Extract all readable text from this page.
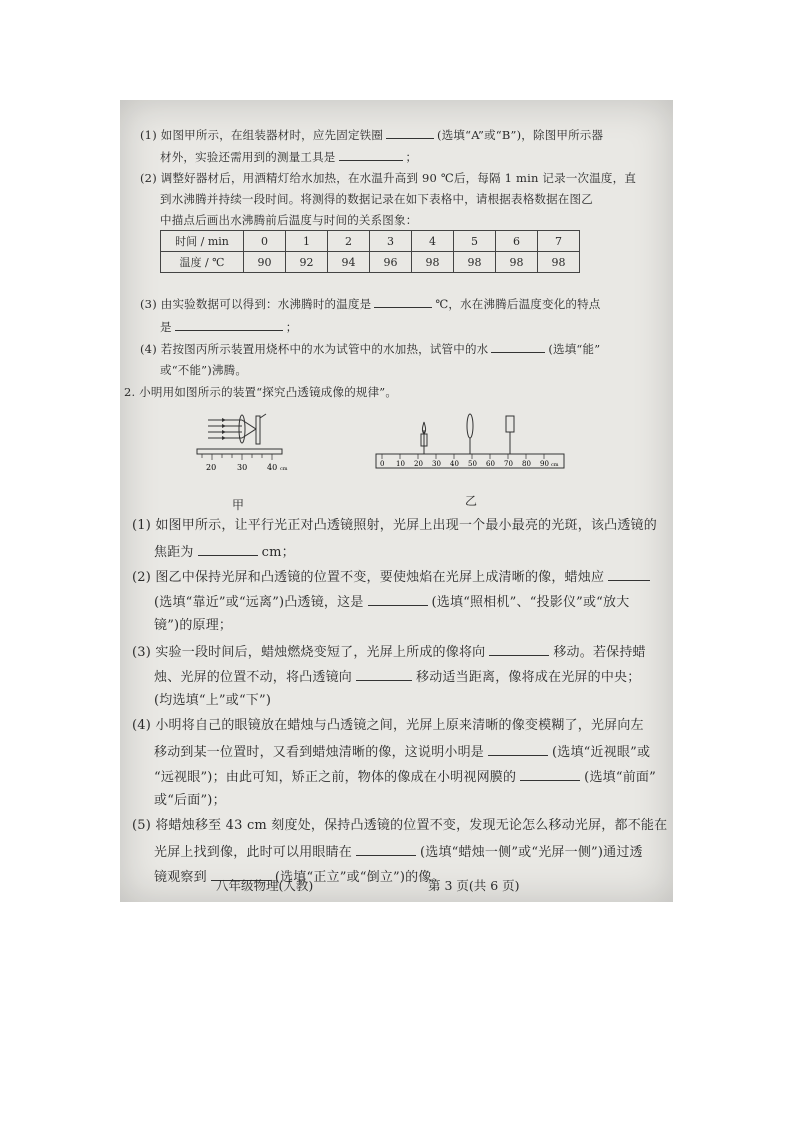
(1) 如图甲所示，在组装器材时，应先固定铁圈	(选填“A”或“B”)，除图甲所示器
材外，实验还需用到的测量工具是	；
(2) 调整好器材后，用酒精灯给水加热，在水温升高到 90 ℃后，每隔 1 min 记录一次温度，直
到水沸腾并持续一段时间。将测得的数据记录在如下表格中，请根据表格数据在图乙
中描点后画出水沸腾前后温度与时间的关系图象：
时间 / min	0	1	2	3	4	5	6	7
温度 / ℃	90	92	94	96	98	98	98	98
(3) 由实验数据可以得到：水沸腾时的温度是	℃，水在沸腾后温度变化的特点
是	；
(4) 若按图丙所示装置用烧杯中的水为试管中的水加热，试管中的水	(选填“能”
或“不能”)沸腾。
2. 小明用如图所示的装置“探究凸透镜成像的规律”。
20	30 40 cm
0 10 20 30 40 50 60 70 80 90 cm
甲	乙
(1) 如图甲所示，让平行光正对凸透镜照射，光屏上出现一个最小最亮的光斑，该凸透镜的
焦距为	cm；
(2) 图乙中保持光屏和凸透镜的位置不变，要使烛焰在光屏上成清晰的像，蜡烛应
(选填“靠近”或“远离”)凸透镜，这是	(选填“照相机”、“投影仪”或“放大
镜”)的原理；
(3) 实验一段时间后，蜡烛燃烧变短了，光屏上所成的像将向	移动。若保持蜡
烛、光屏的位置不动，将凸透镜向	移动适当距离，像将成在光屏的中央；
(均选填“上”或“下”)
(4) 小明将自己的眼镜放在蜡烛与凸透镜之间，光屏上原来清晰的像变模糊了，光屏向左
移动到某一位置时，又看到蜡烛清晰的像，这说明小明是	(选填“近视眼”或
“远视眼”)；由此可知，矫正之前，物体的像成在小明视网膜的	(选填“前面”
或“后面”)；
(5) 将蜡烛移至 43 cm 刻度处，保持凸透镜的位置不变，发现无论怎么移动光屏，都不能在
光屏上找到像，此时可以用眼睛在	(选填“蜡烛一侧”或“光屏一侧”)通过透
镜观察到	(选填“正立”或“倒立”)的像。
八年级物理(人教)	第 3 页(共 6 页)
